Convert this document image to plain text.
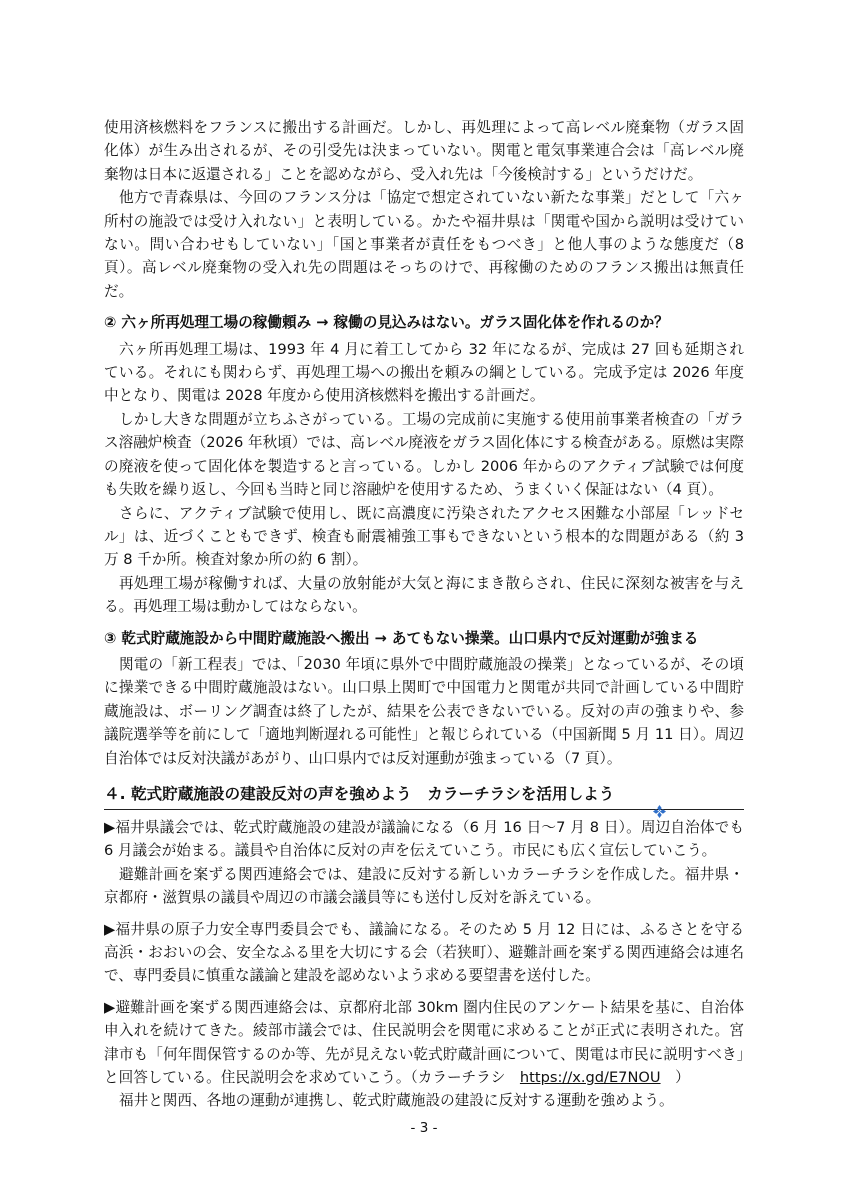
使用済核燃料をフランスに搬出する計画だ。しかし、再処理によって高レベル廃棄物（ガラス固化体）が生み出されるが、その引受先は決まっていない。関電と電気事業連合会は「高レベル廃棄物は日本に返還される」ことを認めながら、受入れ先は「今後検討する」というだけだ。

他方で青森県は、今回のフランス分は「協定で想定されていない新たな事業」だとして「六ヶ所村の施設では受け入れない」と表明している。かたや福井県は「関電や国から説明は受けていない。問い合わせもしていない」「国と事業者が責任をもつべき」と他人事のような態度だ（8 頁）。高レベル廃棄物の受入れ先の問題はそっちのけで、再稼働のためのフランス搬出は無責任だ。

② 六ヶ所再処理工場の稼働頼み → 稼働の見込みはない。ガラス固化体を作れるのか？

六ヶ所再処理工場は、1993 年 4 月に着工してから 32 年になるが、完成は 27 回も延期されている。それにも関わらず、再処理工場への搬出を頼みの綱としている。完成予定は 2026 年度中となり、関電は 2028 年度から使用済核燃料を搬出する計画だ。

しかし大きな問題が立ちふさがっている。工場の完成前に実施する使用前事業者検査の「ガラス溶融炉検査（2026 年秋頃）では、高レベル廃液をガラス固化体にする検査がある。原燃は実際の廃液を使って固化体を製造すると言っている。しかし 2006 年からのアクティブ試験では何度も失敗を繰り返し、今回も当時と同じ溶融炉を使用するため、うまくいく保証はない（4 頁）。

さらに、アクティブ試験で使用し、既に高濃度に汚染されたアクセス困難な小部屋「レッドセル」は、近づくこともできず、検査も耐震補強工事もできないという根本的な問題がある（約 3 万 8 千か所。検査対象か所の約 6 割）。

再処理工場が稼働すれば、大量の放射能が大気と海にまき散らされ、住民に深刻な被害を与える。再処理工場は動かしてはならない。

③ 乾式貯蔵施設から中間貯蔵施設へ搬出 → あてもない操業。山口県内で反対運動が強まる

関電の「新工程表」では、「2030 年頃に県外で中間貯蔵施設の操業」となっているが、その頃に操業できる中間貯蔵施設はない。山口県上関町で中国電力と関電が共同で計画している中間貯蔵施設は、ボーリング調査は終了したが、結果を公表できないでいる。反対の声の強まりや、参議院選挙等を前にして「適地判断遅れる可能性」と報じられている（中国新聞 5 月 11 日）。周辺自治体では反対決議があがり、山口県内では反対運動が強まっている（7 頁）。

４. 乾式貯蔵施設の建設反対の声を強めよう　カラーチラシを活用しよう

▶福井県議会では、乾式貯蔵施設の建設が議論になる（6 月 16 日～7 月 8 日）。周辺自治体でも 6 月議会が始まる。議員や自治体に反対の声を伝えていこう。市民にも広く宣伝していこう。

避難計画を案ずる関西連絡会では、建設に反対する新しいカラーチラシを作成した。福井県・京都府・滋賀県の議員や周辺の市議会議員等にも送付し反対を訴えている。

▶福井県の原子力安全専門委員会でも、議論になる。そのため 5 月 12 日には、ふるさとを守る高浜・おおいの会、安全なふる里を大切にする会（若狭町）、避難計画を案ずる関西連絡会は連名で、専門委員に慎重な議論と建設を認めないよう求める要望書を送付した。

▶避難計画を案ずる関西連絡会は、京都府北部 30km 圏内住民のアンケート結果を基に、自治体申入れを続けてきた。綾部市議会では、住民説明会を関電に求めることが正式に表明された。宮津市も「何年間保管するのか等、先が見えない乾式貯蔵計画について、関電は市民に説明すべき」と回答している。住民説明会を求めていこう。（カラーチラシ　https://x.gd/E7NOU　）

福井と関西、各地の運動が連携し、乾式貯蔵施設の建設に反対する運動を強めよう。

- 3 -
